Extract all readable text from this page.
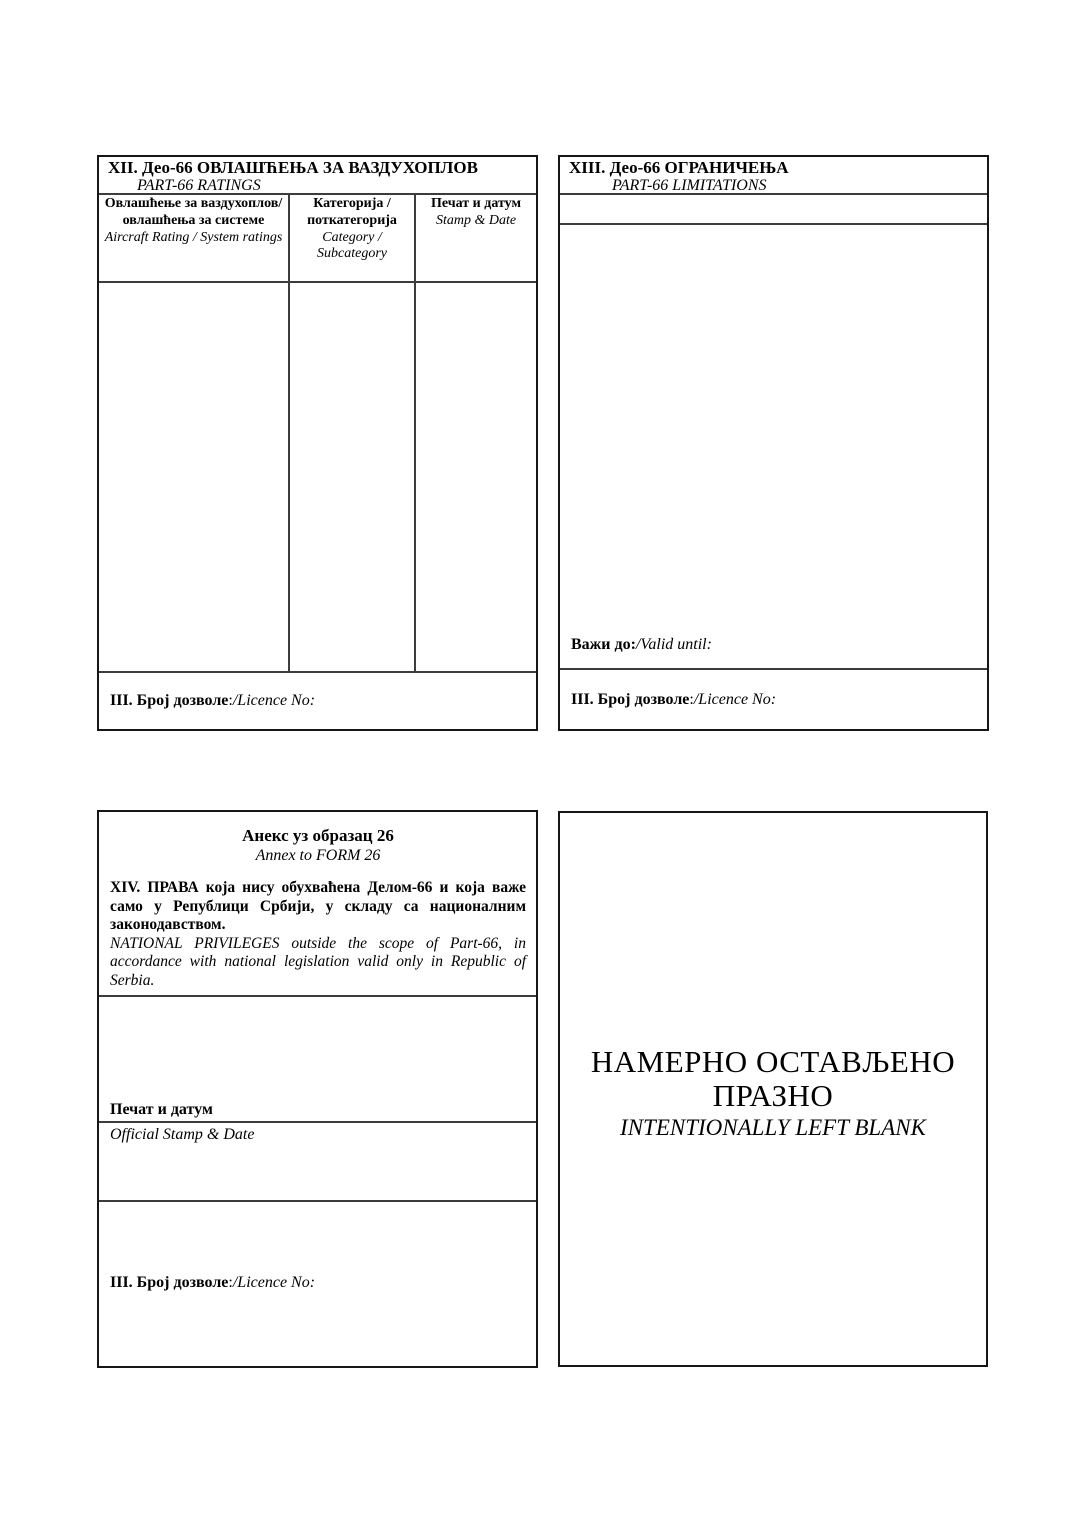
XII. Део-66 ОВЛАШЋЕЊА ЗА ВАЗДУХОПЛОВ
PART-66 RATINGS
Овлашћење за ваздухоплов/ овлашћења за системе
Aircraft Rating / System ratings
Категорија / поткатегорија
Category / Subcategory
Печат и датум
Stamp & Date
III. Број дозволе : /Licence No:
XIII. Део-66 ОГРАНИЧЕЊА
PART-66 LIMITATIONS
Важи до:/Valid until:
III. Број дозволе : /Licence No:
Анекс уз образац 26
Annex to FORM 26

XIV. ПРАВА која нису обухваћена Делом-66 и која важе само у Републици Србији, у складу са националним законодавством.

NATIONAL PRIVILEGES outside the scope of Part-66, in accordance with national legislation valid only in Republic of Serbia.

Печат и датум
Official Stamp & Date
III. Број дозволе:/Licence No:
НАМЕРНО ОСТАВЉЕНО ПРАЗНО
INTENTIONALLY LEFT BLANK
